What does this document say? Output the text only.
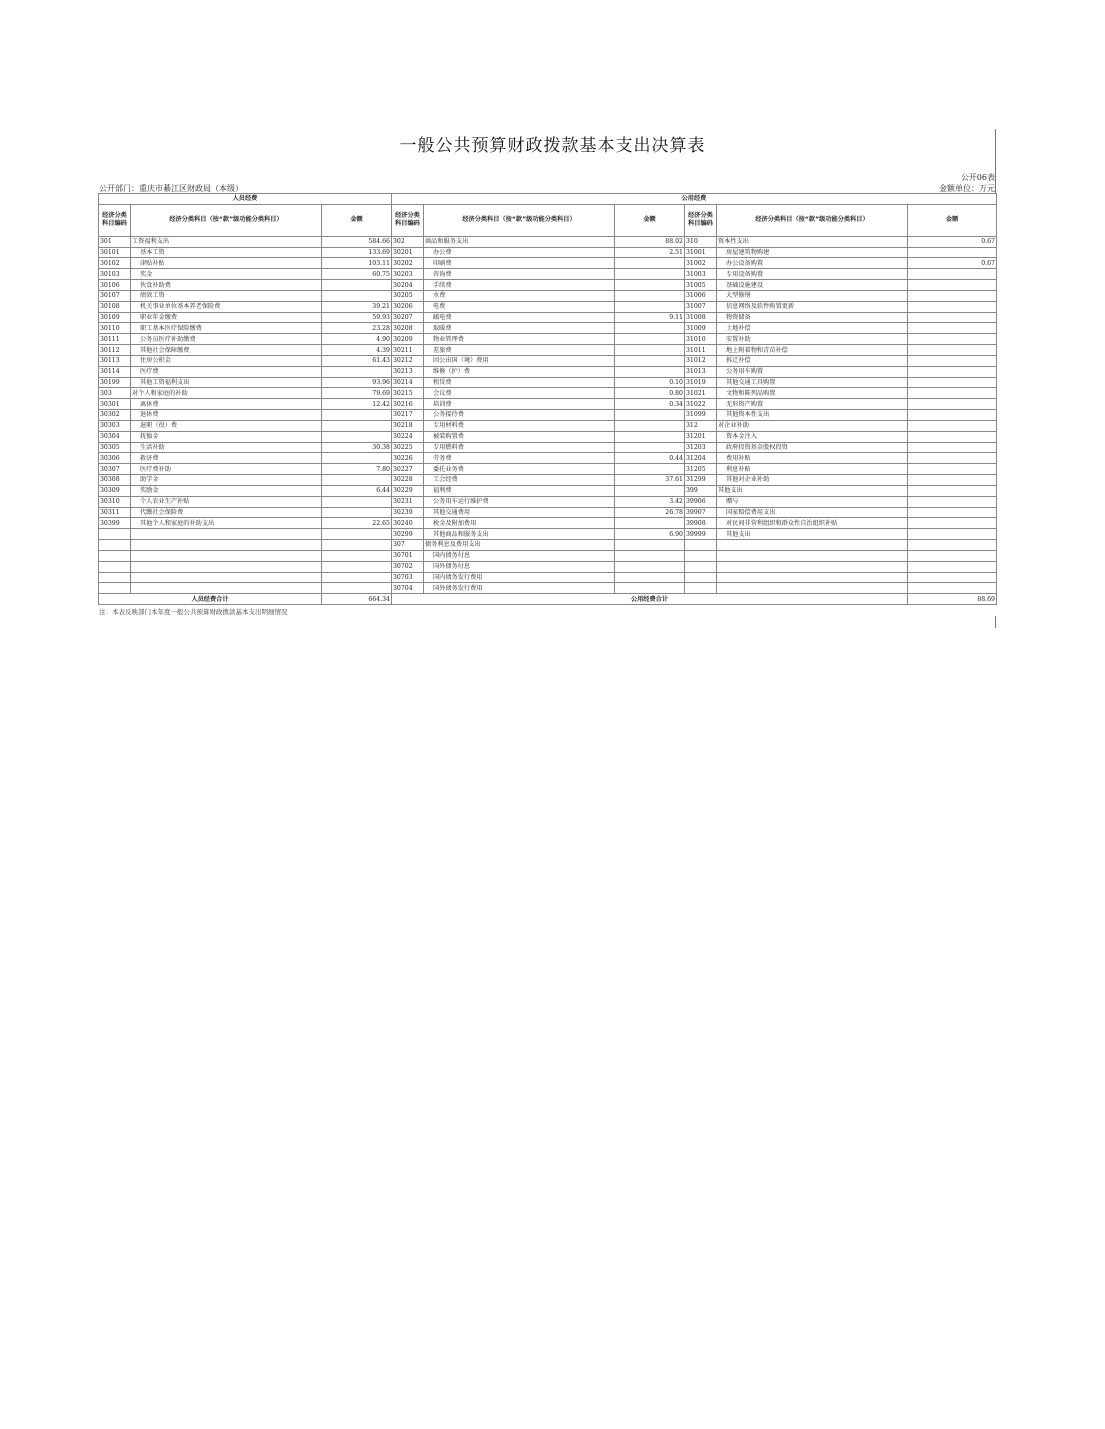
一般公共预算财政拨款基本支出决算表
公开06表
公开部门：重庆市綦江区财政局（本级）	金额单位：万元
人员经费			公用经费					
经济分类科目编码	经济分类科目（按“款”级功能分类科目）	金额	经济分类科目编码	经济分类科目（按“款”级功能分类科目）	金额	经济分类科目编码	经济分类科目（按“款”级功能分类科目）	金额
301	工资福利支出	584.66	302	商品和服务支出	88.02	310	资本性支出	0.67
30101	基本工资	133.69	30201	办公费	2.51	31001	房屋建筑物购建	
30102	津贴补贴	103.11	30202	印刷费		31002	办公设备购置	0.67
30103	奖金	60.75	30203	咨询费		31003	专用设备购置	
30106	伙食补助费		30204	手续费		31005	基础设施建设	
30107	绩效工资		30205	水费		31006	大型修缮	
30108	机关事业单位基本养老保险费	39.21	30206	电费		31007	信息网络及软件购置更新	
30109	职业年金缴费	59.93	30207	邮电费	9.11	31008	物资储备	
30110	职工基本医疗保险缴费	23.28	30208	取暖费		31009	土地补偿	
30111	公务员医疗补助缴费	4.90	30209	物业管理费		31010	安置补助	
30112	其他社会保障缴费	4.39	30211	差旅费		31011	地上附着物和青苗补偿	
30113	住房公积金	61.43	30212	因公出国（境）费用		31012	拆迁补偿	
30114	医疗费		30213	维修（护）费		31013	公务用车购置	
30199	其他工资福利支出	93.96	30214	租赁费	0.10	31019	其他交通工具购置	
303	对个人和家庭的补助	79.69	30215	会议费	0.80	31021	文物和陈列品购置	
30301	离休费	12.42	30216	培训费	0.34	31022	无形资产购置	
30302	退休费		30217	公务接待费		31099	其他资本性支出	
30303	退职（役）费		30218	专用材料费		312	对企业补助	
30304	抚恤金		30224	被装购置费		31201	资本金注入	
30305	生活补助	30.38	30225	专用燃料费		31203	政府投资基金股权投资	
30306	救济费		30226	劳务费	0.44	31204	费用补贴	
30307	医疗费补助	7.80	30227	委托业务费		31205	利息补贴	
30308	助学金		30228	工会经费	37.61	31299	其他对企业补助	
30309	奖励金	6.44	30229	福利费		399	其他支出	
30310	个人农业生产补贴		30231	公务用车运行维护费	3.42	39906	赠与	
30311	代缴社会保险费		30239	其他交通费用	26.78	39907	国家赔偿费用支出	
30399	其他个人和家庭的补助支出	22.65	30240	税金及附加费用		39908	对民间非营利组织和群众性自治组织补贴	
			30299	其他商品和服务支出	6.90	39999	其他支出	
			307	债务利息及费用支出				
			30701	国内债务付息				
			30702	国外债务付息				
			30703	国内债务发行费用				
			30704	国外债务发行费用				
人员经费合计		664.34	公用经费合计					88.69
注：本表反映部门本年度一般公共预算财政拨款基本支出明细情况
